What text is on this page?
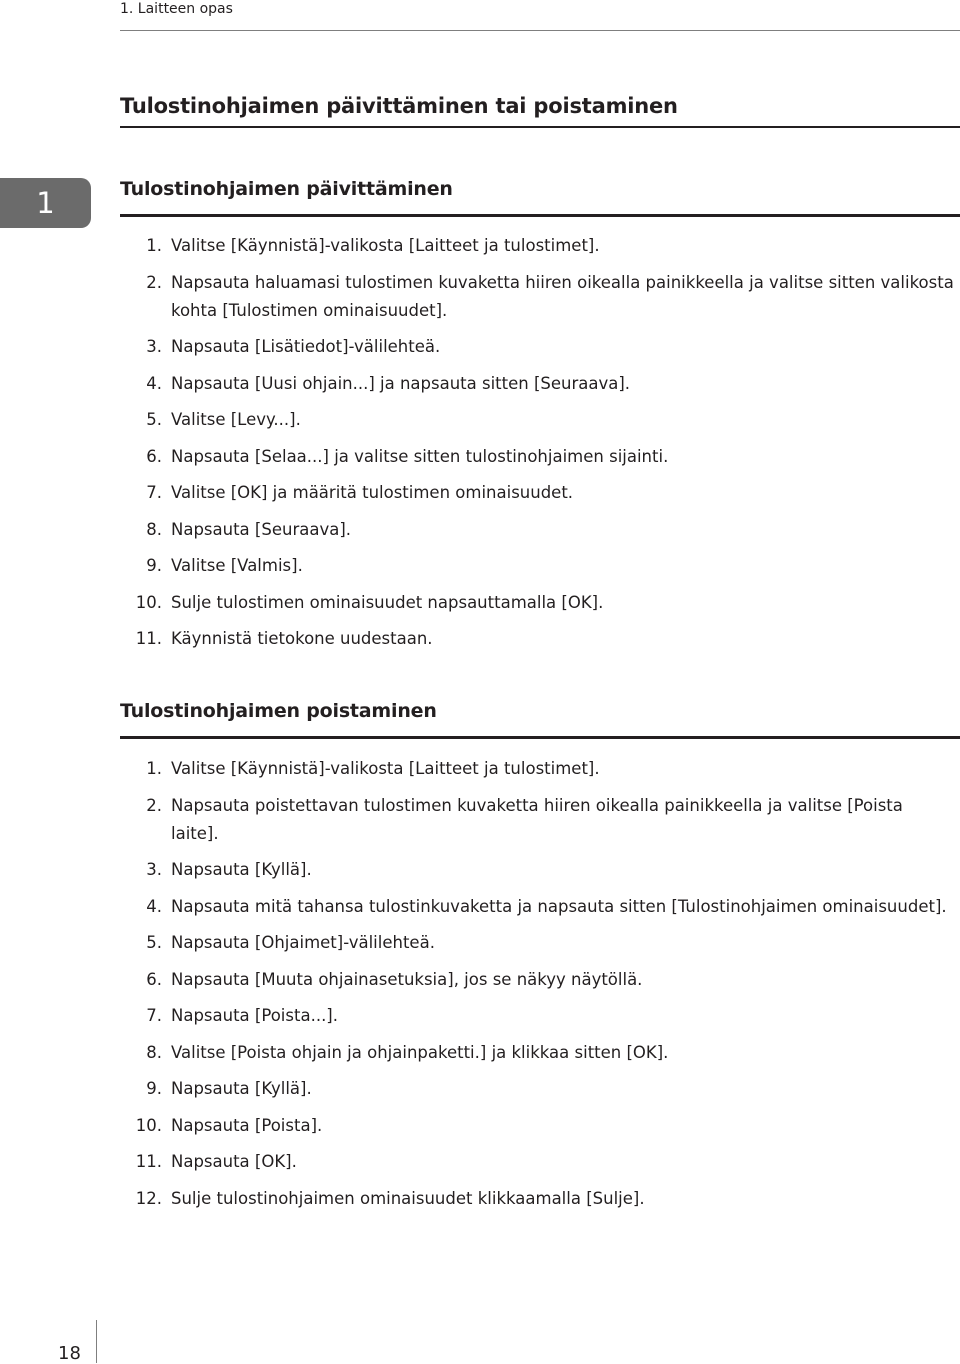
1. Laitteen opas
1
Tulostinohjaimen päivittäminen tai poistaminen
Tulostinohjaimen päivittäminen
1. Valitse [Käynnistä]-valikosta [Laitteet ja tulostimet].
2. Napsauta haluamasi tulostimen kuvaketta hiiren oikealla painikkeella ja valitse sitten valikosta kohta [Tulostimen ominaisuudet].
3. Napsauta [Lisätiedot]-välilehteä.
4. Napsauta [Uusi ohjain...] ja napsauta sitten [Seuraava].
5. Valitse [Levy...].
6. Napsauta [Selaa...] ja valitse sitten tulostinohjaimen sijainti.
7. Valitse [OK] ja määritä tulostimen ominaisuudet.
8. Napsauta [Seuraava].
9. Valitse [Valmis].
10. Sulje tulostimen ominaisuudet napsauttamalla [OK].
11. Käynnistä tietokone uudestaan.
Tulostinohjaimen poistaminen
1. Valitse [Käynnistä]-valikosta [Laitteet ja tulostimet].
2. Napsauta poistettavan tulostimen kuvaketta hiiren oikealla painikkeella ja valitse [Poista laite].
3. Napsauta [Kyllä].
4. Napsauta mitä tahansa tulostinkuvaketta ja napsauta sitten [Tulostinohjaimen ominaisuudet].
5. Napsauta [Ohjaimet]-välilehteä.
6. Napsauta [Muuta ohjainasetuksia], jos se näkyy näytöllä.
7. Napsauta [Poista...].
8. Valitse [Poista ohjain ja ohjainpaketti.] ja klikkaa sitten [OK].
9. Napsauta [Kyllä].
10. Napsauta [Poista].
11. Napsauta [OK].
12. Sulje tulostinohjaimen ominaisuudet klikkaamalla [Sulje].
18
